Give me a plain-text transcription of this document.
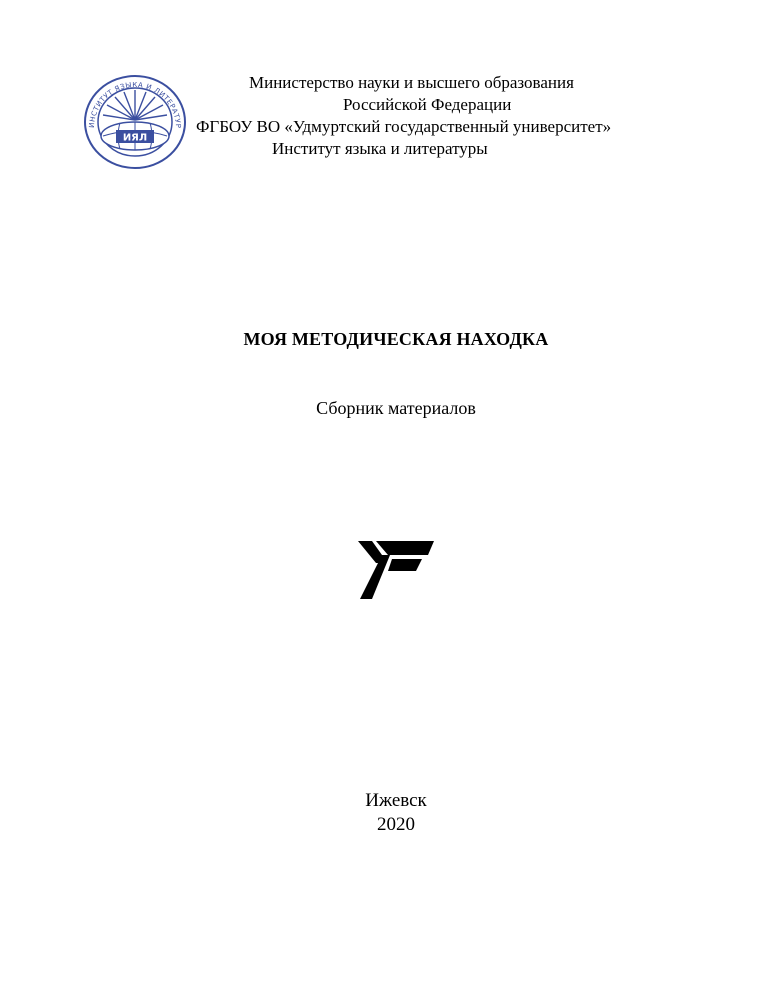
ИНСТИТУТ ЯЗЫКА И ЛИТЕРАТУР
ИЯЛ
Министерство науки и высшего образования
Российской Федерации
ФГБОУ ВО «Удмуртский государственный университет»
Институт языка и литературы
МОЯ МЕТОДИЧЕСКАЯ НАХОДКА
Сборник материалов
Ижевск
2020
